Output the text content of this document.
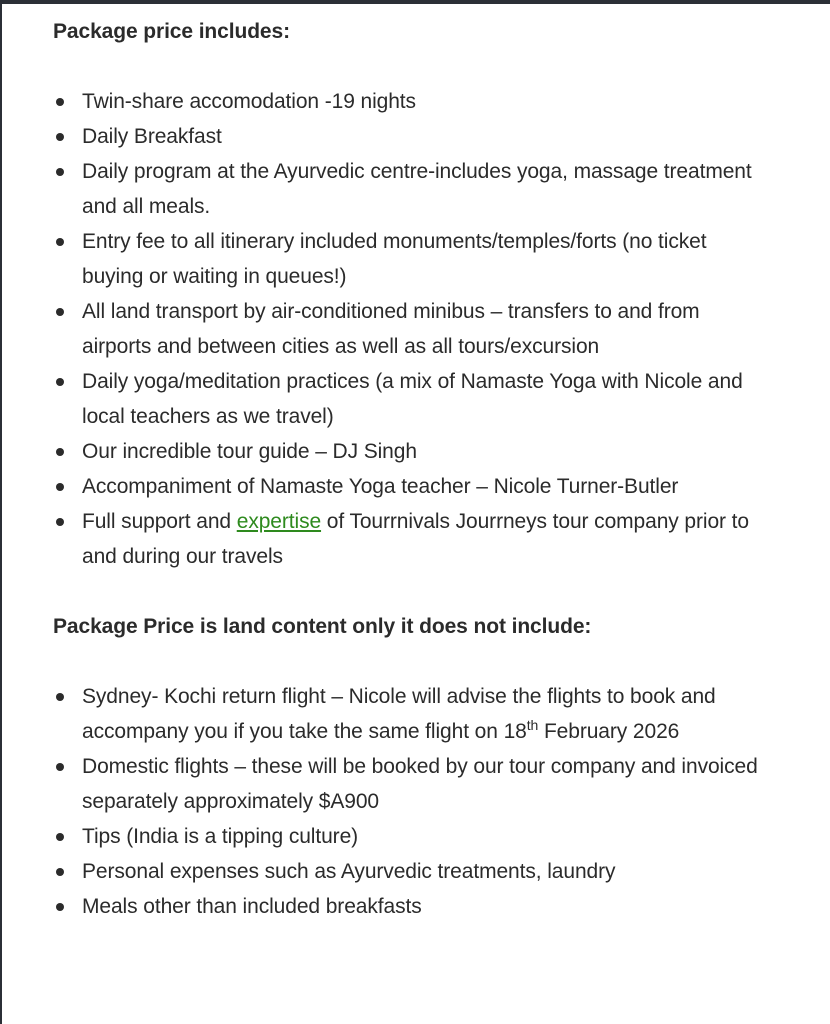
Package price includes:

Twin-share accomodation -19 nights
Daily Breakfast
Daily program at the Ayurvedic centre-includes yoga, massage treatment and all meals.
Entry fee to all itinerary included monuments/temples/forts (no ticket buying or waiting in queues!)
All land transport by air-conditioned minibus – transfers to and from airports and between cities as well as all tours/excursion
Daily yoga/meditation practices (a mix of Namaste Yoga with Nicole and local teachers as we travel)
Our incredible tour guide – DJ Singh
Accompaniment of Namaste Yoga teacher – Nicole Turner-Butler
Full support and expertise of Tourrnivals Jourrneys tour company prior to and during our travels

Package Price is land content only it does not include:

Sydney- Kochi return flight – Nicole will advise the flights to book and accompany you if you take the same flight on 18th February 2026
Domestic flights – these will be booked by our tour company and invoiced separately approximately $A900
Tips (India is a tipping culture)
Personal expenses such as Ayurvedic treatments, laundry
Meals other than included breakfasts
